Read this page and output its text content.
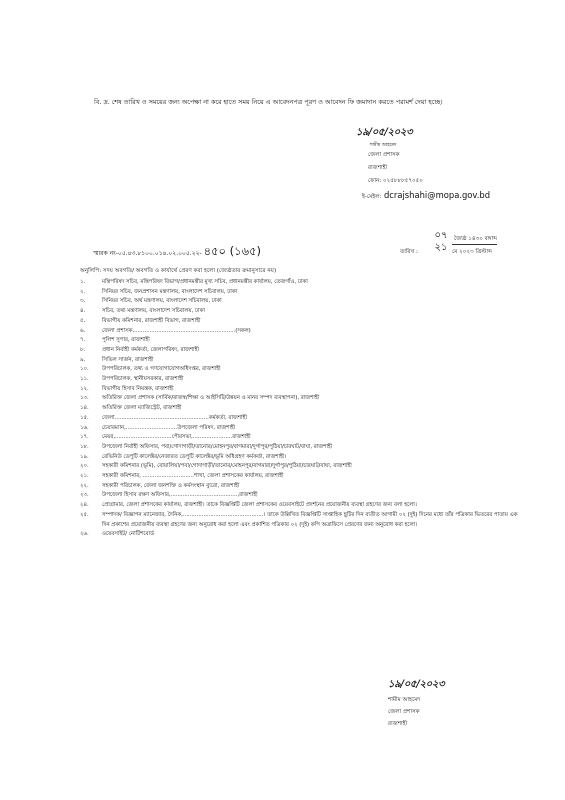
বি. দ্র. শেষ তারিখ ও সময়ের জন্য অপেক্ষা না করে হাতে সময় নিয়ে এ আবেদনপত্র পূরণ ও আবেদন ফি জমাদান করতে পরামর্শ দেয়া হচ্ছে।
১৯/০৫/২০২৩
শামীম আহমেদ
জেলা প্রশাসক
রাজশাহী
ফোন: ০২৫৮৮৮৫৭০৫০
ই-মেইল: dcrajshahi@mopa.gov.bd
স্মারক নং-০৫.৪৩.৮১০০.০১৪.০২.০০৫.২২- ৪৫০ (১৬৫)
০৭	জ্যৈষ্ঠ ১৪৩০ বঙ্গাব্দ
তারিখ :	২১ মে ২০২৩ খ্রিস্টাব্দ
অনুলিপি: সদয় অবগতি/ অবগতি ও কার্যার্থে প্রেরণ করা হলো (জ্যেষ্ঠতার ক্রমানুসারে নয়)
১.	মন্ত্রিপরিষদ সচিব, মন্ত্রিপরিষদ বিভাগ/প্রধানমন্ত্রীর মুখ্য সচিব, প্রধানমন্ত্রীর কার্যালয়, তেজগাঁও, ঢাকা
২.	সিনিয়র সচিব, জনপ্রশাসন মন্ত্রণালয়, বাংলাদেশ সচিবালয়, ঢাকা
৩.	সিনিয়র সচিব, অর্থ মন্ত্রণালয়, বাংলাদেশ সচিবালয়, ঢাকা
৪.	সচিব, তথ্য মন্ত্রণালয়, বাংলাদেশ সচিবালয়, ঢাকা
৫.	বিভাগীয় কমিশনার, রাজশাহী বিভাগ, রাজশাহী
৬.	জেলা প্রশাসক,...........................................................(সকল)
৭.	পুলিশ সুপার, রাজশাহী
৮.	প্রধান নির্বাহী কর্মকর্তা, জেলাপরিষদ, রাজশাহী
৯.	সিভিল সার্জন, রাজশাহী
১০.	উপপরিচালক, তথ্য ও গণযোগাযোগঅধিদপ্তর, রাজশাহী
১১.	উপপরিচালক, স্থানীয়সরকার, রাজশাহী
১২.	বিভাগীয় হিসাব নিয়ন্ত্রক, রাজশাহী
১৩.	অতিরিক্ত জেলা প্রশাসক (সার্বিক/রাজস্ব/শিক্ষা ও আইসিটি/উন্নয়ন ও মানব সম্পদ ব্যবস্থাপনা), রাজশাহী
১৪.	অতিরিক্ত জেলা ম্যাজিস্ট্রেট, রাজশাহী
১৫.	জেলা.......................................................কর্মকর্তা, রাজশাহী
১৬.	চেয়ারম্যান,..............................উপজেলা পরিষদ, রাজশাহী
১৭.	মেয়র,.................................পৌরসভা,.......................রাজশাহী
১৮.	উপজেলা নির্বাহী অফিসার, পবা/গোদাগাড়ী/তানোর/মোহনপুর/বাগমারা/দুর্গাপুর/পুঠিয়া/চারঘাট/বাঘা, রাজশাহী
১৯.	রেভিনিউ ডেপুটি কালেক্টর/নেজারত ডেপুটি কালেক্টর/ভূমি অধিগ্রহণ কর্মকর্তা, রাজশাহী।
২০.	সহকারী কমিশনার (ভূমি), বোয়ালিয়া/পবা/গোদাগাড়ী/তানোর/মোহনপুর/বাগমারা/দুর্গাপুর/পুঠিয়া/চারঘাট/বাঘা, রাজশাহী
২১.	সহকারী কমিশনার, ..............................শাখা, জেলা প্রশাসকের কার্যালয়, রাজশাহী
২২.	সহকারী পরিচালক, জেলা জনশক্তি ও কর্মসংস্থান ব্যুরো, রাজশাহী
২৩.	উপজেলা হিসাব রক্ষণ অফিসার,.......................................,রাজশাহী
২৪.	প্রোগ্রামার, জেলা প্রশাসকের কার্যালয়, রাজশাহী। তাকে বিজ্ঞপ্তিটি জেলা প্রশাসকের ওয়েবসাইটে প্রদর্শনের প্রয়োজনীয় ব্যবস্থা গ্রহণের জন্য বলা হলো।
২৫.	সম্পাদক/ বিজ্ঞাপন ম্যানেজার, দৈনিক,...............................................। তাকে উল্লিখিত বিজ্ঞপ্তিটি সাপ্তাহিক ছুটির দিন ব্যতীত আগামী ০২ (দুই) দিনের মধ্যে তাঁর পত্রিকার ভিতরের পাতায় এক দিন প্রকাশের প্রয়োজনীয় ব্যবস্থা গ্রহণের জন্য অনুরোধ করা হলো এবং প্রকাশিত পত্রিকার ০২ (দুই) কপি অত্রাফিসে প্রেরণের জন্য অনুরোধ করা হলো।
২৬.	ওয়েবসাইট/ নোটিশবোর্ড
১৯/০৫/২০২৩
শামীম আহমেদ
জেলা প্রশাসক
রাজশাহী
